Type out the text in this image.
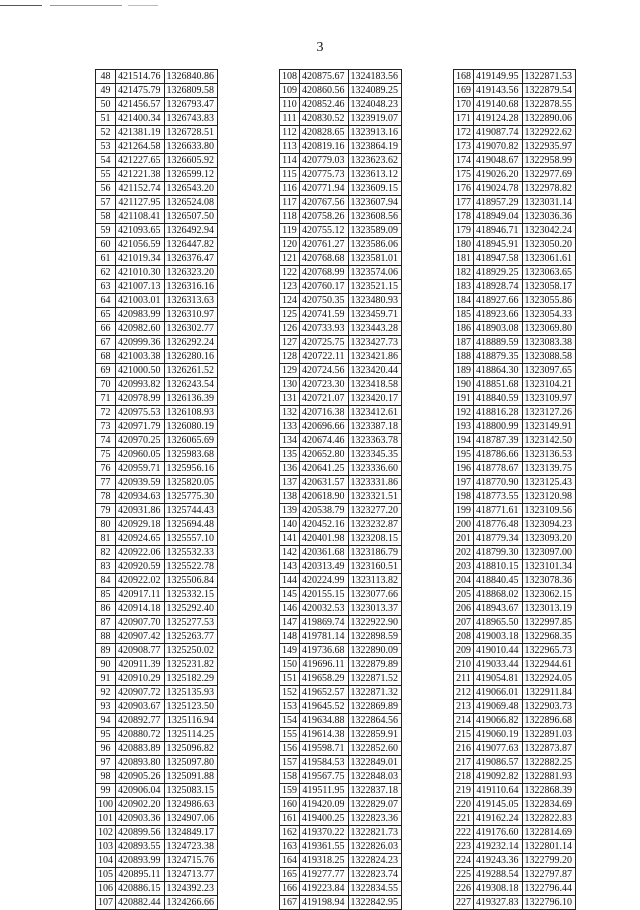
3
48	421514.76	1326840.86
49	421475.79	1326809.58
50	421456.57	1326793.47
51	421400.34	1326743.83
52	421381.19	1326728.51
53	421264.58	1326633.80
54	421227.65	1326605.92
55	421221.38	1326599.12
56	421152.74	1326543.20
57	421127.95	1326524.08
58	421108.41	1326507.50
59	421093.65	1326492.94
60	421056.59	1326447.82
61	421019.34	1326376.47
62	421010.30	1326323.20
63	421007.13	1326316.16
64	421003.01	1326313.63
65	420983.99	1326310.97
66	420982.60	1326302.77
67	420999.36	1326292.24
68	421003.38	1326280.16
69	421000.50	1326261.52
70	420993.82	1326243.54
71	420978.99	1326136.39
72	420975.53	1326108.93
73	420971.79	1326080.19
74	420970.25	1326065.69
75	420960.05	1325983.68
76	420959.71	1325956.16
77	420939.59	1325820.05
78	420934.63	1325775.30
79	420931.86	1325744.43
80	420929.18	1325694.48
81	420924.65	1325557.10
82	420922.06	1325532.33
83	420920.59	1325522.78
84	420922.02	1325506.84
85	420917.11	1325332.15
86	420914.18	1325292.40
87	420907.70	1325277.53
88	420907.42	1325263.77
89	420908.77	1325250.02
90	420911.39	1325231.82
91	420910.29	1325182.29
92	420907.72	1325135.93
93	420903.67	1325123.50
94	420892.77	1325116.94
95	420880.72	1325114.25
96	420883.89	1325096.82
97	420893.80	1325097.80
98	420905.26	1325091.88
99	420906.04	1325083.15
100	420902.20	1324986.63
101	420903.36	1324907.06
102	420899.56	1324849.17
103	420893.55	1324723.38
104	420893.99	1324715.76
105	420895.11	1324713.77
106	420886.15	1324392.23
107	420882.44	1324266.66
108	420875.67	1324183.56
109	420860.56	1324089.25
110	420852.46	1324048.23
111	420830.52	1323919.07
112	420828.65	1323913.16
113	420819.16	1323864.19
114	420779.03	1323623.62
115	420775.73	1323613.12
116	420771.94	1323609.15
117	420767.56	1323607.94
118	420758.26	1323608.56
119	420755.12	1323589.09
120	420761.27	1323586.06
121	420768.68	1323581.01
122	420768.99	1323574.06
123	420760.17	1323521.15
124	420750.35	1323480.93
125	420741.59	1323459.71
126	420733.93	1323443.28
127	420725.75	1323427.73
128	420722.11	1323421.86
129	420724.56	1323420.44
130	420723.30	1323418.58
131	420721.07	1323420.17
132	420716.38	1323412.61
133	420696.66	1323387.18
134	420674.46	1323363.78
135	420652.80	1323345.35
136	420641.25	1323336.60
137	420631.57	1323331.86
138	420618.90	1323321.51
139	420538.79	1323277.20
140	420452.16	1323232.87
141	420401.98	1323208.15
142	420361.68	1323186.79
143	420313.49	1323160.51
144	420224.99	1323113.82
145	420155.15	1323077.66
146	420032.53	1323013.37
147	419869.74	1322922.90
148	419781.14	1322898.59
149	419736.68	1322890.09
150	419696.11	1322879.89
151	419658.29	1322871.52
152	419652.57	1322871.32
153	419645.52	1322869.89
154	419634.88	1322864.56
155	419614.38	1322859.91
156	419598.71	1322852.60
157	419584.53	1322849.01
158	419567.75	1322848.03
159	419511.95	1322837.18
160	419420.09	1322829.07
161	419400.25	1322823.36
162	419370.22	1322821.73
163	419361.55	1322826.03
164	419318.25	1322824.23
165	419277.77	1322823.74
166	419223.84	1322834.55
167	419198.94	1322842.95
168	419149.95	1322871.53
169	419143.56	1322879.54
170	419140.68	1322878.55
171	419124.28	1322890.06
172	419087.74	1322922.62
173	419070.82	1322935.97
174	419048.67	1322958.99
175	419026.20	1322977.69
176	419024.78	1322978.82
177	418957.29	1323031.14
178	418949.04	1323036.36
179	418946.71	1323042.24
180	418945.91	1323050.20
181	418947.58	1323061.61
182	418929.25	1323063.65
183	418928.74	1323058.17
184	418927.66	1323055.86
185	418923.66	1323054.33
186	418903.08	1323069.80
187	418889.59	1323083.38
188	418879.35	1323088.58
189	418864.30	1323097.65
190	418851.68	1323104.21
191	418840.59	1323109.97
192	418816.28	1323127.26
193	418800.99	1323149.91
194	418787.39	1323142.50
195	418786.66	1323136.53
196	418778.67	1323139.75
197	418770.90	1323125.43
198	418773.55	1323120.98
199	418771.61	1323109.56
200	418776.48	1323094.23
201	418779.34	1323093.20
202	418799.30	1323097.00
203	418810.15	1323101.34
204	418840.45	1323078.36
205	418868.02	1323062.15
206	418943.67	1323013.19
207	418965.50	1322997.85
208	419003.18	1322968.35
209	419010.44	1322965.73
210	419033.44	1322944.61
211	419054.81	1322924.05
212	419066.01	1322911.84
213	419069.48	1322903.73
214	419066.82	1322896.68
215	419060.19	1322891.03
216	419077.63	1322873.87
217	419086.57	1322882.25
218	419092.82	1322881.93
219	419110.64	1322868.39
220	419145.05	1322834.69
221	419162.24	1322822.83
222	419176.60	1322814.69
223	419232.14	1322801.14
224	419243.36	1322799.20
225	419288.54	1322797.87
226	419308.18	1322796.44
227	419327.83	1322796.10
